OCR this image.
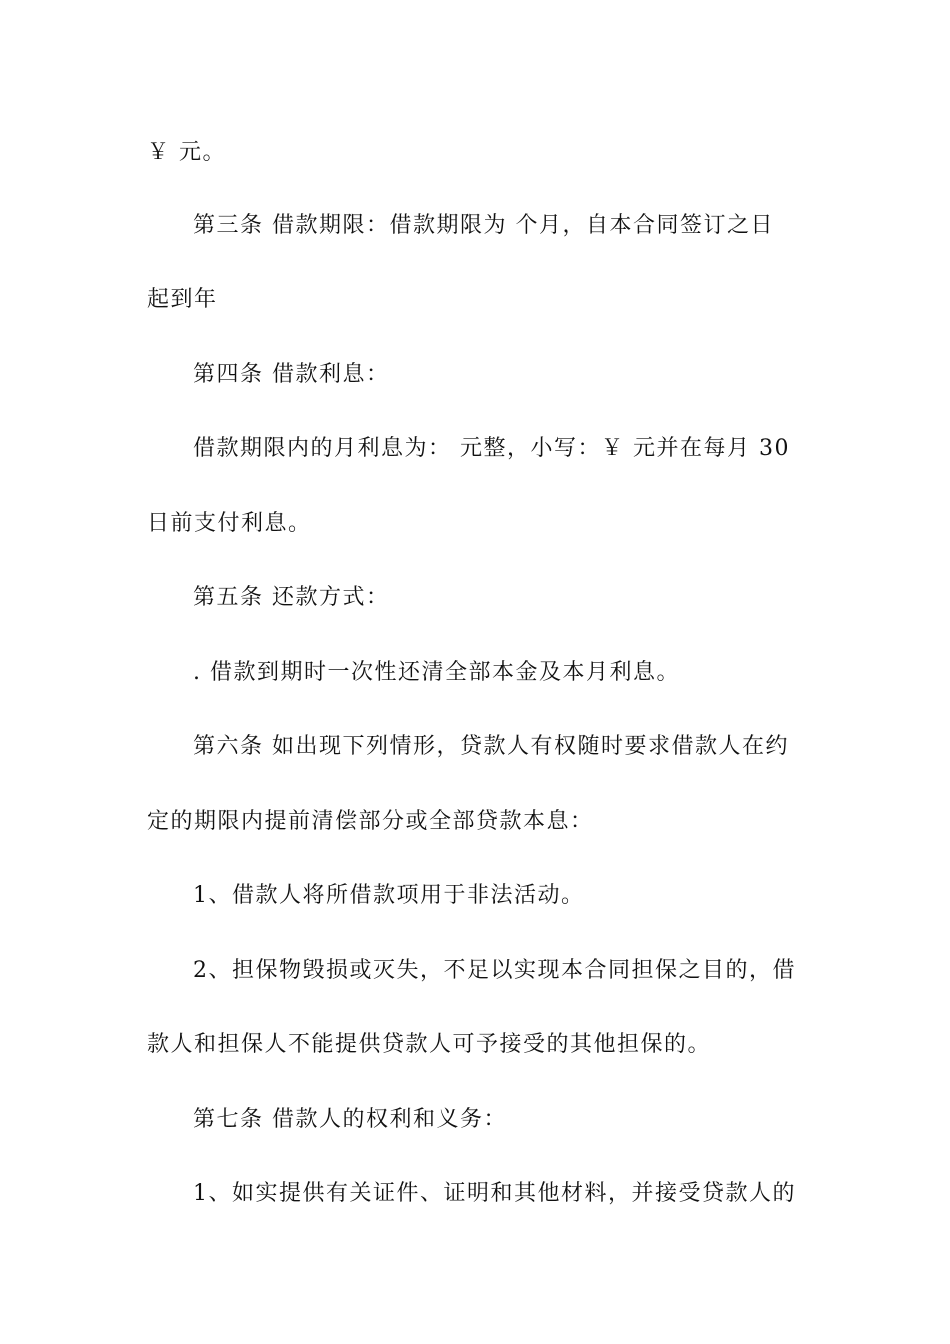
￥ 元。
第三条 借款期限：借款期限为 个月，自本合同签订之日
起到年
第四条 借款利息：
借款期限内的月利息为： 元整，小写：￥ 元并在每月 30
日前支付利息。
第五条 还款方式：
. 借款到期时一次性还清全部本金及本月利息。
第六条 如出现下列情形，贷款人有权随时要求借款人在约
定的期限内提前清偿部分或全部贷款本息：
1、借款人将所借款项用于非法活动。
2、担保物毁损或灭失，不足以实现本合同担保之目的，借
款人和担保人不能提供贷款人可予接受的其他担保的。
第七条 借款人的权利和义务：
1、如实提供有关证件、证明和其他材料，并接受贷款人的
